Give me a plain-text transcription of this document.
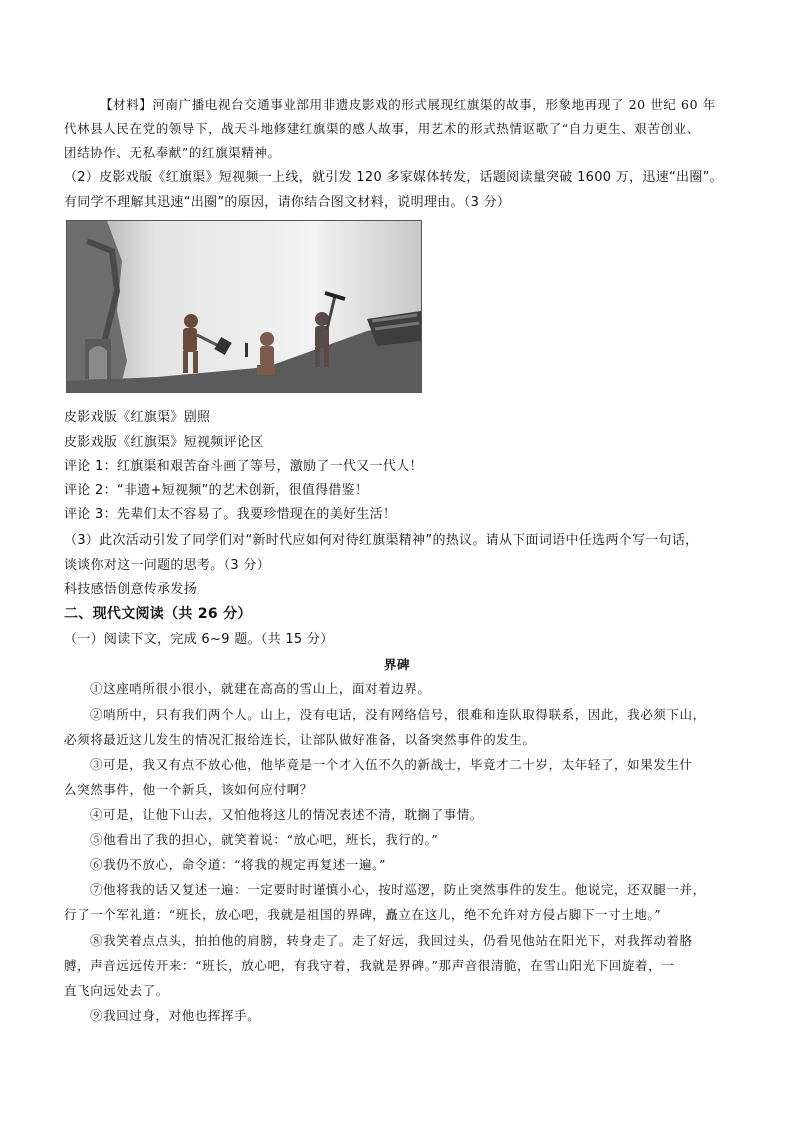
【材料】河南广播电视台交通事业部用非遗皮影戏的形式展现红旗渠的故事，形象地再现了 20 世纪 60 年
代林县人民在党的领导下，战天斗地修建红旗渠的感人故事，用艺术的形式热情讴歌了“自力更生、艰苦创业、
团结协作、无私奉献”的红旗渠精神。
（2）皮影戏版《红旗渠》短视频一上线，就引发 120 多家媒体转发，话题阅读量突破 1600 万，迅速“出圈”。
有同学不理解其迅速“出圈”的原因，请你结合图文材料，说明理由。（3 分）
皮影戏版《红旗渠》剧照
皮影戏版《红旗渠》短视频评论区
评论 1：红旗渠和艰苦奋斗画了等号，激励了一代又一代人！
评论 2：“非遗+短视频”的艺术创新，很值得借鉴！
评论 3：先辈们太不容易了。我要珍惜现在的美好生活！
（3）此次活动引发了同学们对“新时代应如何对待红旗渠精神”的热议。请从下面词语中任选两个写一句话，
谈谈你对这一问题的思考。（3 分）
科技感悟创意传承发扬
二、现代文阅读（共 26 分）
（一）阅读下文，完成 6~9 题。（共 15 分）
界碑
①这座哨所很小很小，就建在高高的雪山上，面对着边界。
②哨所中，只有我们两个人。山上，没有电话，没有网络信号，很难和连队取得联系，因此，我必须下山，
必须将最近这儿发生的情况汇报给连长，让部队做好准备，以备突然事件的发生。
③可是，我又有点不放心他，他毕竟是一个才入伍不久的新战士，毕竟才二十岁，太年轻了，如果发生什
么突然事件，他一个新兵，该如何应付啊？
④可是，让他下山去，又怕他将这儿的情况表述不清，耽搁了事情。
⑤他看出了我的担心，就笑着说：“放心吧，班长，我行的。”
⑥我仍不放心，命令道：“将我的规定再复述一遍。”
⑦他将我的话又复述一遍：一定要时时谨慎小心，按时巡逻，防止突然事件的发生。他说完，还双腿一并，
行了一个军礼道：“班长，放心吧，我就是祖国的界碑，矗立在这儿，绝不允许对方侵占脚下一寸土地。”
⑧我笑着点点头，拍拍他的肩膀，转身走了。走了好远，我回过头，仍看见他站在阳光下，对我挥动着胳
膊，声音远远传开来：“班长，放心吧，有我守着，我就是界碑。”那声音很清脆，在雪山阳光下回旋着，一
直飞向远处去了。
⑨我回过身，对他也挥挥手。
